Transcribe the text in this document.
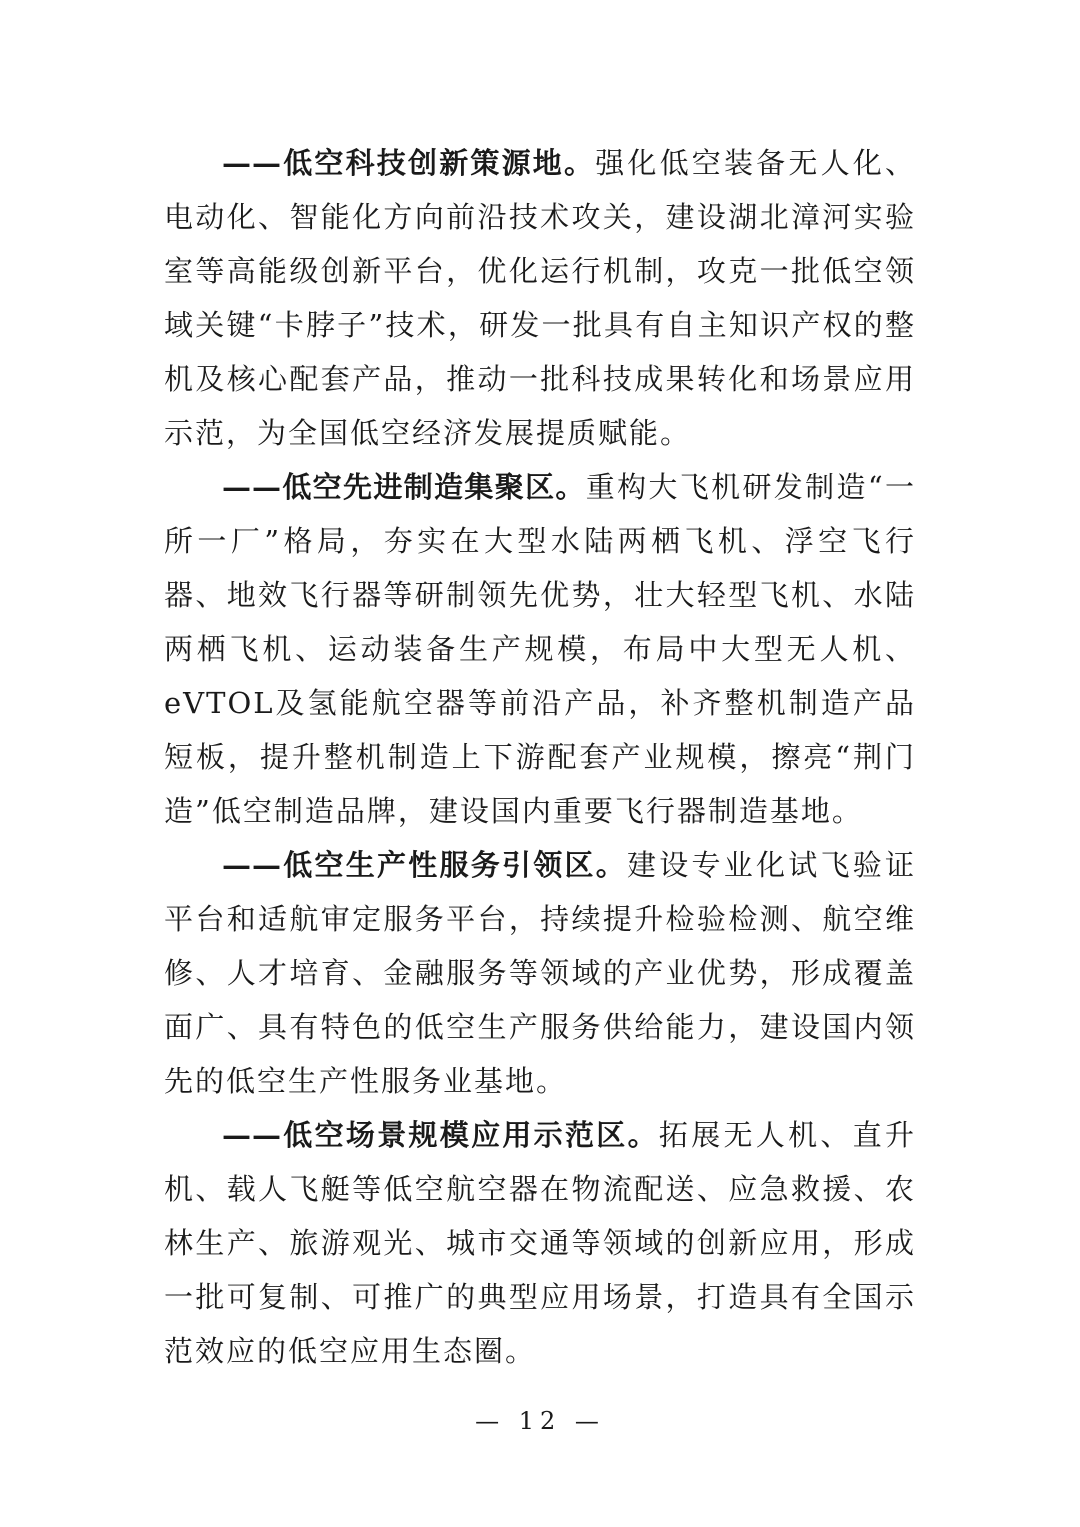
——低空科技创新策源地。强化低空装备无人化、电动化、智能化方向前沿技术攻关，建设湖北漳河实验室等高能级创新平台，优化运行机制，攻克一批低空领域关键“卡脖子”技术，研发一批具有自主知识产权的整机及核心配套产品，推动一批科技成果转化和场景应用示范，为全国低空经济发展提质赋能。

——低空先进制造集聚区。重构大飞机研发制造“一所一厂”格局，夯实在大型水陆两栖飞机、浮空飞行器、地效飞行器等研制领先优势，壮大轻型飞机、水陆两栖飞机、运动装备生产规模，布局中大型无人机、eVTOL及氢能航空器等前沿产品，补齐整机制造产品短板，提升整机制造上下游配套产业规模，擦亮“荆门造”低空制造品牌，建设国内重要飞行器制造基地。

——低空生产性服务引领区。建设专业化试飞验证平台和适航审定服务平台，持续提升检验检测、航空维修、人才培育、金融服务等领域的产业优势，形成覆盖面广、具有特色的低空生产服务供给能力，建设国内领先的低空生产性服务业基地。

——低空场景规模应用示范区。拓展无人机、直升机、载人飞艇等低空航空器在物流配送、应急救援、农林生产、旅游观光、城市交通等领域的创新应用，形成一批可复制、可推广的典型应用场景，打造具有全国示范效应的低空应用生态圈。

— 12 —
